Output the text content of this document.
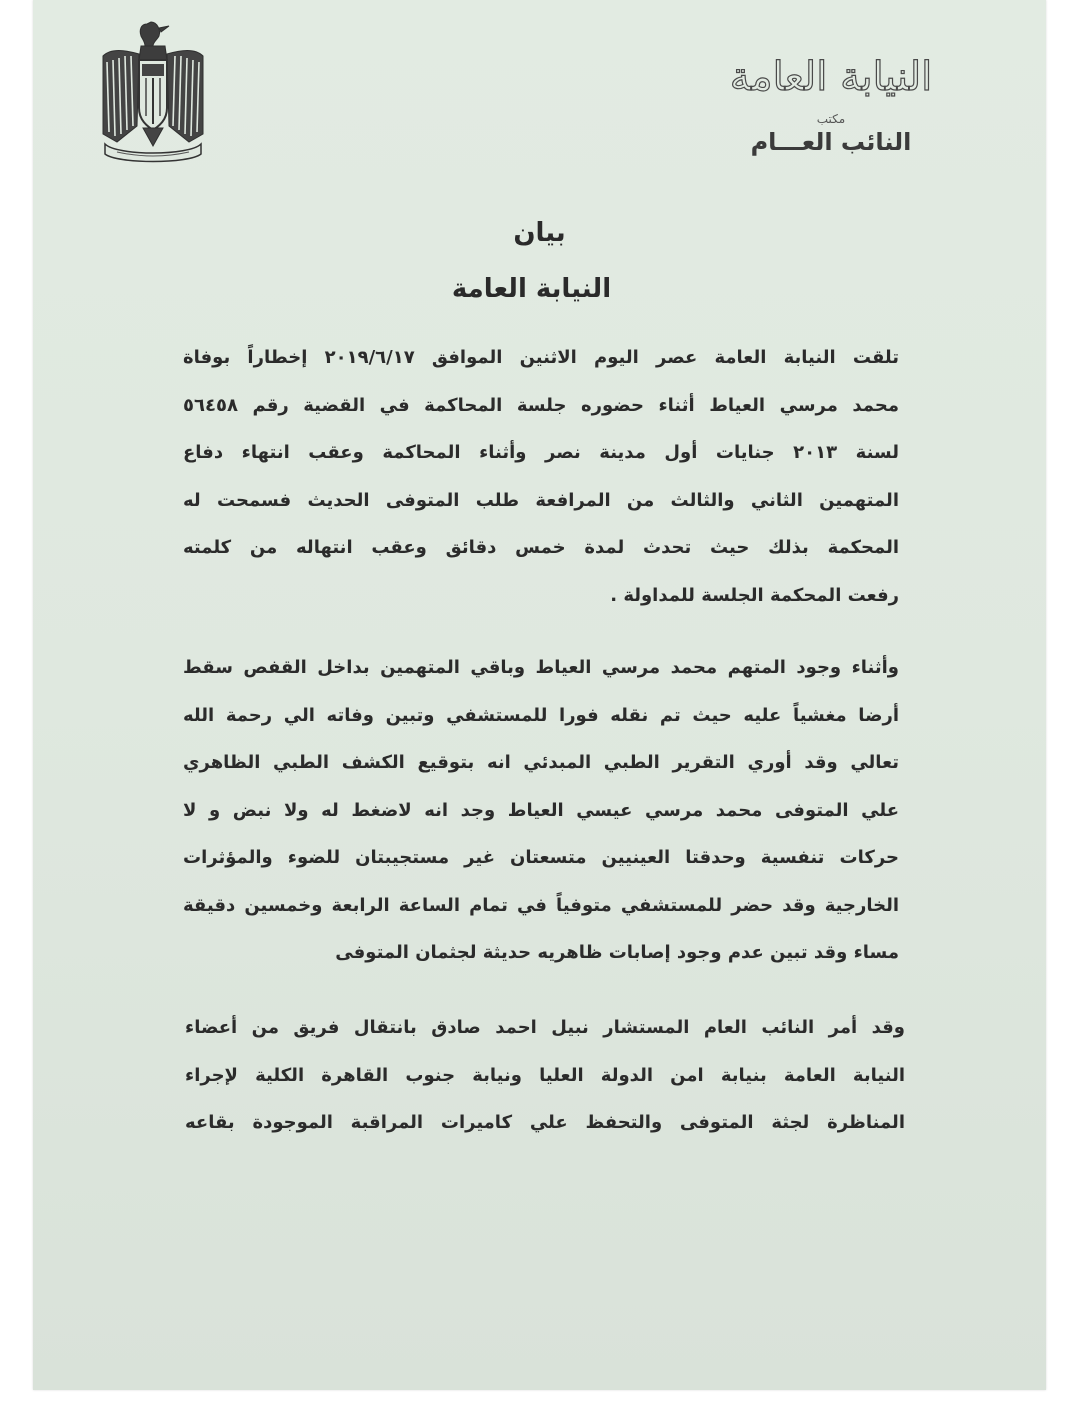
النيابة العامة
مكتب
النائب العـــام
بيان
النيابة العامة
تلقت النيابة العامة عصر اليوم الاثنين الموافق ٢٠١٩/٦/١٧ إخطاراً بوفاة
محمد مرسي العياط أثناء حضوره جلسة المحاكمة في القضية رقم ٥٦٤٥٨
لسنة ٢٠١٣ جنايات أول مدينة نصر وأثناء المحاكمة وعقب انتهاء دفاع
المتهمين الثاني والثالث من المرافعة طلب المتوفى الحديث فسمحت له
المحكمة بذلك حيث تحدث لمدة خمس دقائق وعقب انتهاله من كلمته
رفعت المحكمة الجلسة للمداولة .
وأثناء وجود المتهم محمد مرسي العياط وباقي المتهمين بداخل القفص سقط
أرضا مغشياً عليه حيث تم نقله فورا للمستشفي وتبين وفاته الي رحمة الله
تعالي وقد أوري التقرير الطبي المبدئي انه بتوقيع الكشف الطبي الظاهري
علي المتوفى محمد مرسي عيسي العياط وجد انه لاضغط له ولا نبض و لا
حركات تنفسية وحدقتا العينيين متسعتان غير مستجيبتان للضوء والمؤثرات
الخارجية وقد حضر للمستشفي متوفياً في تمام الساعة الرابعة وخمسين دقيقة
مساء وقد تبين عدم وجود إصابات ظاهريه حديثة لجثمان المتوفى
وقد أمر النائب العام المستشار نبيل احمد صادق بانتقال فريق من أعضاء
النيابة العامة بنيابة امن الدولة العليا ونيابة جنوب القاهرة الكلية لإجراء
المناظرة لجثة المتوفى والتحفظ علي كاميرات المراقبة الموجودة بقاعه
